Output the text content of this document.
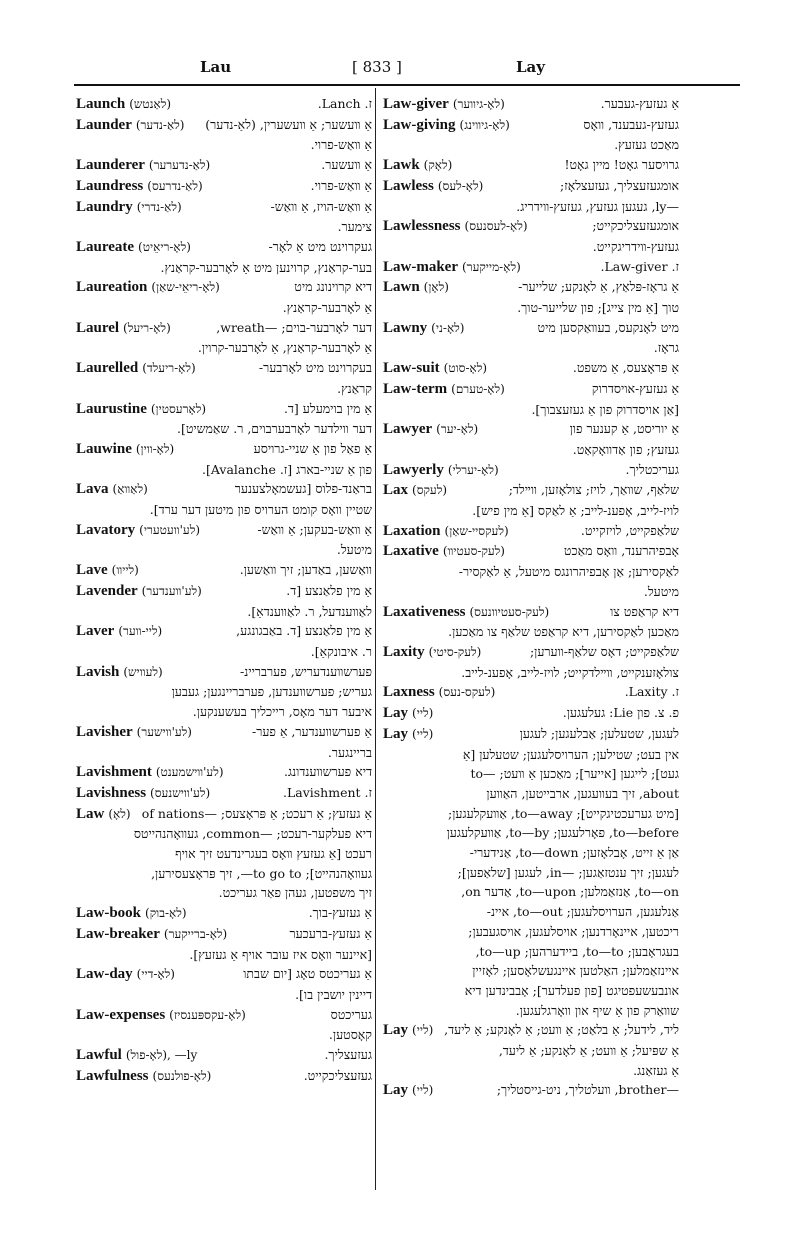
Lau	[ 833 ]	Lay
Launch (לאַנטש)	ז. Lanch.
Launder (לאַ-נדער) אַ װעשער; אַ װעשערין, (לאַ-נדער)
אַ װאַש-פרוי.
Launderer (לאַ-נדערער)	אַ װעשער.
Laundress (לאַ-נדרעס)	אַ װאַש-פרוי.
Laundry (לאַ-נדרי)	אַ װאַש-הויז, אַ װאַש-
צימער.
Laureate (לאָ-ריאֵיט)	געקרוינט מיט אַ לאָר-
בער-קראַנץ, קרוינען מיט אַ לאָרבער-קראַנץ.
Laureation (לאָ-ריאֵי-שאַן)	דיא קרוינונג מיט
אַ לאָרבער-קראַנץ.
Laurel (לאָ-ריעל)	דער לאָרבער-בוים; —wreath,
אַ לאָרבער-קראַנץ, אַ לאָרבער-קרוין.
Laurelled (לאָ-ריעלד)	בעקרוינט מיט לאָרבער-
קראַנץ.
Laurustine (לאָרעסטין)	אַ מין בוימעלע [ד.
דער װילדער לאָרבערבוים, ר. שאַמשיט].
Lauwine (לאָ-װין)	אַ פאַל פון אַ שניי-גרויסע
פון אַ שניי-בארג [ז. Avalanche].
Lava (לאַװאַ)	בראַנד-פלוס [געשמאָלצענער
שטיין װאָס קומט הערויס פון מיטען דער ערד].
Lavatory (לע'װעטערי)	אַ װאַש-בעקען; אַ װאַש-
מיטעל.
Lave (לייװ)	װאַשען, באַדען; זיך װאַשען.
Lavender (לע'װענדער)	אַ מין פלאַנצע [ד.
לאַװענדעל, ר. לאַװענדאַ].
Laver (ליי-װער)	אַ מין פלאַנצע [ד. באַבגונגע,
ר. איבונקאַ].
Lavish (לעװיש)	פערשװענדעריש, פערבריינ-
געריש; פערשװענדען, פערבריינגען; געבען
איבער דער מאָס, רייכליך בעשענקען.
Lavisher (לע'װישער)	אַ פערשװענדער, אַ פער-
בריינגער.
Lavishment (לע'װישמענט)	דיא פערשװענדונג.
Lavishness (לע'װישנעס)	ז. Lavishment.
Law (לאָ) אַ געזעץ; אַ רעכט; אַ פּראָצעס; —of nations
דיא פעלקער-רעכט; —common, געװאָהנהייטס
רעכט [אַ געזעץ װאָס בעגרינדעט זיך אויף
געװאָהנהייט]; to go to—, זיך פּראָצעסירען,
זיך משפטען, געהן פאַר געריכט.
Law-book (לאָ-בוק)	אַ געזעץ-בוך.
Law-breaker (לאָ-ברייקער)	אַ געזעץ-ברעכער
[איינער װאָס איז עובר אויף אַ געזעץ].
Law-day (לאָ-דיי)	אַ געריכטס טאָג [יום שבתו
דיינין יושבין בו].
Law-expenses (לאָ-עקספּענסיז)	געריכטס
קאָסטען.
Lawful (לאָ-פול), —ly	געזעצליך.
Lawfulness (לאָ-פולנעס)	געזעצליכקייט.
Law-giver (לאָ-גיװער)	אַ געזעץ-געבער.
Law-giving (לאָ-גיװינג)	געזעץ-געבענד, װאָס
מאַכט געזעץ.
Lawk (לאָק)	גרויסער גאָט! מיין גאָט!
Lawless (לאָ-לעס)	אומגעזעצליך, געזעצלאָז;
—ly, געגען געזעץ, געזעץ-װידריג.
Lawlessness (לאָ-לעסנעס)	אומגעזעצליכקייט;
געזעץ-װידריגקייט.
Law-maker (לאָ-מייקער)	ז. Law-giver.
Lawn (לאָן)	אַ גראָז-פּלאַץ, אַ לאָנקע; שלייער-
טוך [אַ מין צייג]; פון שלייער-טוך.
Lawny (לאָ-ני)	מיט לאָנקעס, בעװאַקסען מיט
גראָז.
Law-suit (לאָ-סוט)	אַ פּראָצעס, אַ משפט.
Law-term (לאָ-טערם)	אַ געזעץ-אויסדרוק
[אַן אויסדרוק פון אַ געזעצבוך].
Lawyer (לאָ-יער)	אַ יוריסט, אַ קענער פון
געזעץ; פון אַדװאָקאַט.
Lawyerly (לאָ-יערלי)	געריכטליך.
Lax (לעקס)	שלאַף, שװאַך, לויז; צולאָזען, װײלד;
לויז-לייב, אָפענ-לייב; אַ לאַקס [אַ מין פיש].
Laxation (לעקסיי-שאַן)	שלאַפקייט, לויזקייט.
Laxative (לעק-סעטיװ)	אָבפיהרענד, װאָס מאַכט
לאַקסירען; אַן אָבפיהרונגס מיטעל, אַ לאַקסיר-
מיטעל.
Laxativeness (לעק-סעטיװנעס)	דיא קראַפט צו
מאַכען לאַקסירען, דיא קראַפט שלאַף צו מאַכען.
Laxity (לעק-סיטי)	שלאַפקייט; דאָס שלאַף-װערען;
צולאָזענקייט, װײלדקייט; לויז-לייב, אָפענ-לייב.
Laxness (לעקס-נעס)	ז. Laxity.
Lay (ליי)	פ. צ. פון Lie: געלעגען.
Lay (ליי)	לעגען, שטעלען; אַבלעגען; לעגען
אין בעט; שטילען; הערויסלעגען; שטעלען [אַ
געט]; לייגען [אייער]; מאַכען אַ װעט; —to
about, זיך בעװעגען, ארבייטען, האַװען
[מיט גערעכטיגקייט]; to—away, אַװעקלעגען;
to—before, פאָרלעגען; to—by, אַװעקלעגען
אַן אַ זייט, אָבלאָזען; to—down, אַנידערי-
לעגען; זיך ענטזאַגען; —in, לעגען [שלאַפען];
to—on, אַנזאַמלען; to—upon, אַדער on,
אַנלעגען, הערויסלעגען; to—out, איינ-
ריכטען, איינאָרדנען; אויסלעגען, אויסגעבען;
בעגראָבען; to—to, ביידערהען; to—up,
איינזאַמלען; האַלטען איינגעשלאָסען; לאָזיין
אונבעשעפטיגט [פון פעלדער]; אָבבינדען דיא
שװאַרק פון אַ שיף און װאָרגלעגען.
Lay (ליי) ליד, לידעל; אַ בלאַט; אַ װעט; אַ לאָנקע; אַ ליעד,
אַ שפּיעל; אַ װעט; אַ לאָנקע; אַ ליעד,
אַ געזאַנג.
Lay (ליי)	—brother, װעלטליך, ניט-גייסטליך;
